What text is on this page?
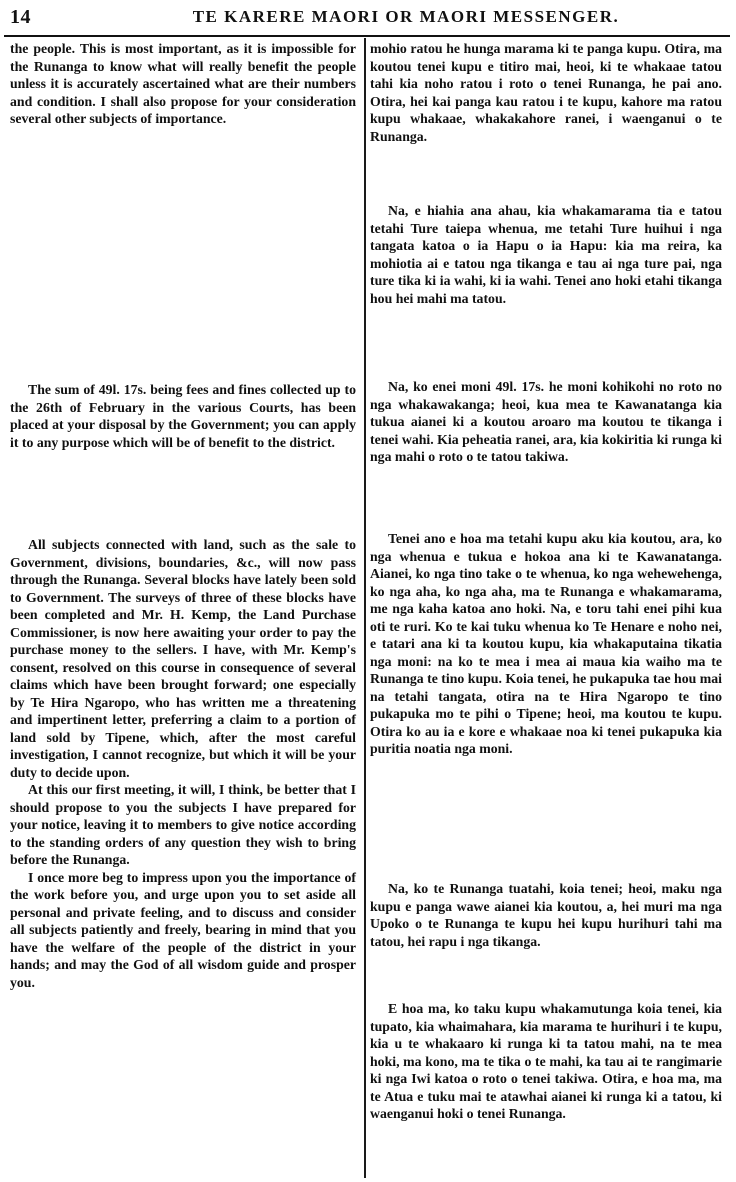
14	TE KARERE MAORI OR MAORI MESSENGER.

the people. This is most important, as it is impossible for the Runanga to know what will really benefit the people unless it is accurately ascertained what are their numbers and condition. I shall also propose for your consideration several other subjects of importance.

The sum of 49l. 17s. being fees and fines collected up to the 26th of February in the various Courts, has been placed at your disposal by the Government; you can apply it to any purpose which will be of benefit to the district.

All subjects connected with land, such as the sale to Government, divisions, boundaries, &c., will now pass through the Runanga. Several blocks have lately been sold to Government. The surveys of three of these blocks have been completed and Mr. H. Kemp, the Land Purchase Commissioner, is now here awaiting your order to pay the purchase money to the sellers. I have, with Mr. Kemp's consent, resolved on this course in consequence of several claims which have been brought forward; one especially by Te Hira Ngaropo, who has written me a threatening and impertinent letter, preferring a claim to a portion of land sold by Tipene, which, after the most careful investigation, I cannot recognize, but which it will be your duty to decide upon.

At this our first meeting, it will, I think, be better that I should propose to you the subjects I have prepared for your notice, leaving it to members to give notice according to the standing orders of any question they wish to bring before the Runanga.

I once more beg to impress upon you the importance of the work before you, and urge upon you to set aside all personal and private feeling, and to discuss and consider all subjects patiently and freely, bearing in mind that you have the welfare of the people of the district in your hands; and may the God of all wisdom guide and prosper you.

mohio ratou he hunga marama ki te panga kupu. Otira, ma koutou tenei kupu e titiro mai, heoi, ki te whakaae tatou tahi kia noho ratou i roto o tenei Runanga, he pai ano. Otira, hei kai panga kau ratou i te kupu, kahore ma ratou kupu whakaae, whakakahore ranei, i waenganui o te Runanga.

Na, e hiahia ana ahau, kia whakamarama tia e tatou tetahi Ture taiepa whenua, me tetahi Ture huihui i nga tangata katoa o ia Hapu o ia Hapu: kia ma reira, ka mohiotia ai e tatou nga tikanga e tau ai nga ture pai, nga ture tika ki ia wahi, ki ia wahi. Tenei ano hoki etahi tikanga hou hei mahi ma tatou.

Na, ko enei moni 49l. 17s. he moni kohikohi no roto no nga whakawakanga; heoi, kua mea te Kawanatanga kia tukua aianei ki a koutou aroaro ma koutou te tikanga i tenei wahi. Kia peheatia ranei, ara, kia kokiritia ki runga ki nga mahi o roto o te tatou takiwa.

Tenei ano e hoa ma tetahi kupu aku kia koutou, ara, ko nga whenua e tukua e hokoa ana ki te Kawanatanga. Aianei, ko nga tino take o te whenua, ko nga wehewehenga, ko nga aha, ko nga aha, ma te Runanga e whakamarama, me nga kaha katoa ano hoki. Na, e toru tahi enei pihi kua oti te ruri. Ko te kai tuku whenua ko Te Henare e noho nei, e tatari ana ki ta koutou kupu, kia whakaputaina tikatia nga moni: na ko te mea i mea ai maua kia waiho ma te Runanga te tino kupu. Koia tenei, he pukapuka tae hou mai na tetahi tangata, otira na te Hira Ngaropo te tino pukapuka mo te pihi o Tipene; heoi, ma koutou te kupu. Otira ko au ia e kore e whakaae noa ki tenei pukapuka kia puritia noatia nga moni.

Na, ko te Runanga tuatahi, koia tenei; heoi, maku nga kupu e panga wawe aianei kia koutou, a, hei muri ma nga Upoko o te Runanga te kupu hei kupu hurihuri tahi ma tatou, hei rapu i nga tikanga.

E hoa ma, ko taku kupu whakamutunga koia tenei, kia tupato, kia whaimahara, kia marama te hurihuri i te kupu, kia u te whakaaro ki runga ki ta tatou mahi, na te mea hoki, ma kono, ma te tika o te mahi, ka tau ai te rangimarie ki nga Iwi katoa o roto o tenei takiwa. Otira, e hoa ma, ma te Atua e tuku mai te atawhai aianei ki runga ki a tatou, ki waenganui hoki o tenei Runanga.
